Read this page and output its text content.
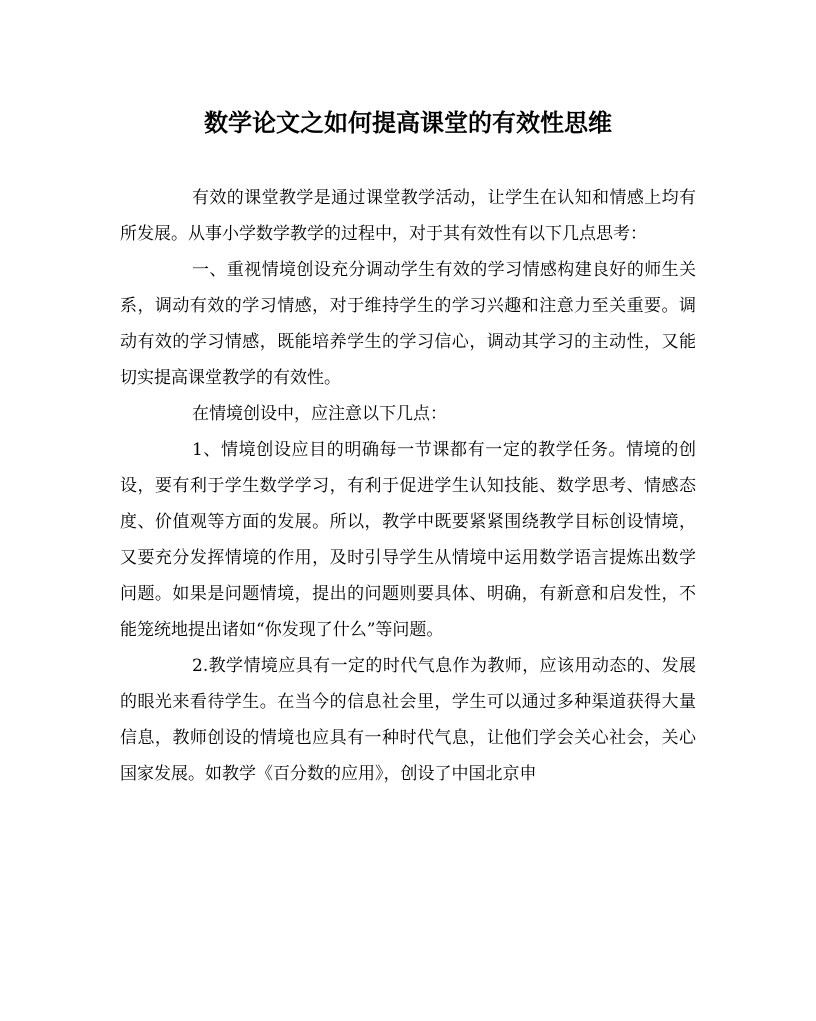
数学论文之如何提高课堂的有效性思维

有效的课堂教学是通过课堂教学活动，让学生在认知和情感上均有所发展。从事小学数学教学的过程中，对于其有效性有以下几点思考：

一、重视情境创设充分调动学生有效的学习情感构建良好的师生关系，调动有效的学习情感，对于维持学生的学习兴趣和注意力至关重要。调动有效的学习情感，既能培养学生的学习信心，调动其学习的主动性，又能切实提高课堂教学的有效性。

在情境创设中，应注意以下几点：

1、情境创设应目的明确每一节课都有一定的教学任务。情境的创设，要有利于学生数学学习，有利于促进学生认知技能、数学思考、情感态度、价值观等方面的发展。所以，教学中既要紧紧围绕教学目标创设情境，又要充分发挥情境的作用，及时引导学生从情境中运用数学语言提炼出数学问题。如果是问题情境，提出的问题则要具体、明确，有新意和启发性，不能笼统地提出诸如“你发现了什么”等问题。

2.教学情境应具有一定的时代气息作为教师，应该用动态的、发展的眼光来看待学生。在当今的信息社会里，学生可以通过多种渠道获得大量信息，教师创设的情境也应具有一种时代气息，让他们学会关心社会，关心国家发展。如教学《百分数的应用》，创设了中国北京申
